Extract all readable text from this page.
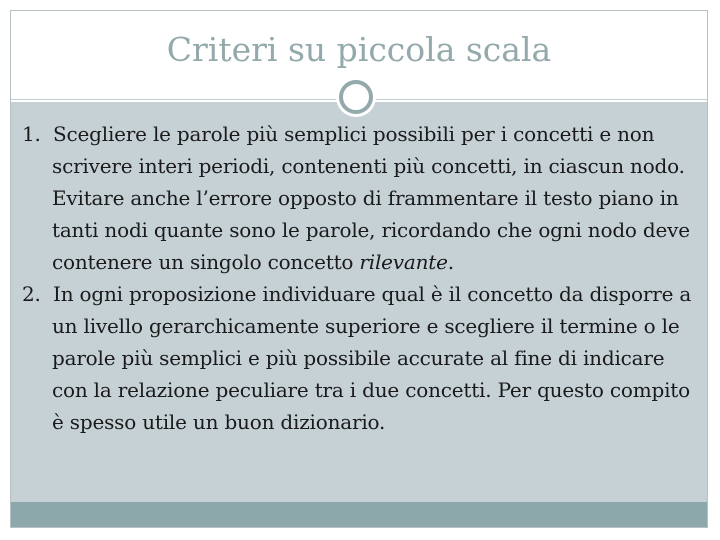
Criteri su piccola scala
1.  Scegliere le parole più semplici possibili per i concetti e non scrivere interi periodi, contenenti più concetti, in ciascun nodo. Evitare anche l’errore opposto di frammentare il testo piano in tanti nodi quante sono le parole, ricordando che ogni nodo deve contenere un singolo concetto rilevante.
2.  In ogni proposizione individuare qual è il concetto da disporre a un livello gerarchicamente superiore e scegliere il termine o le parole più semplici e più possibile accurate al fine di indicare con la relazione peculiare tra i due concetti. Per questo compito è spesso utile un buon dizionario.
